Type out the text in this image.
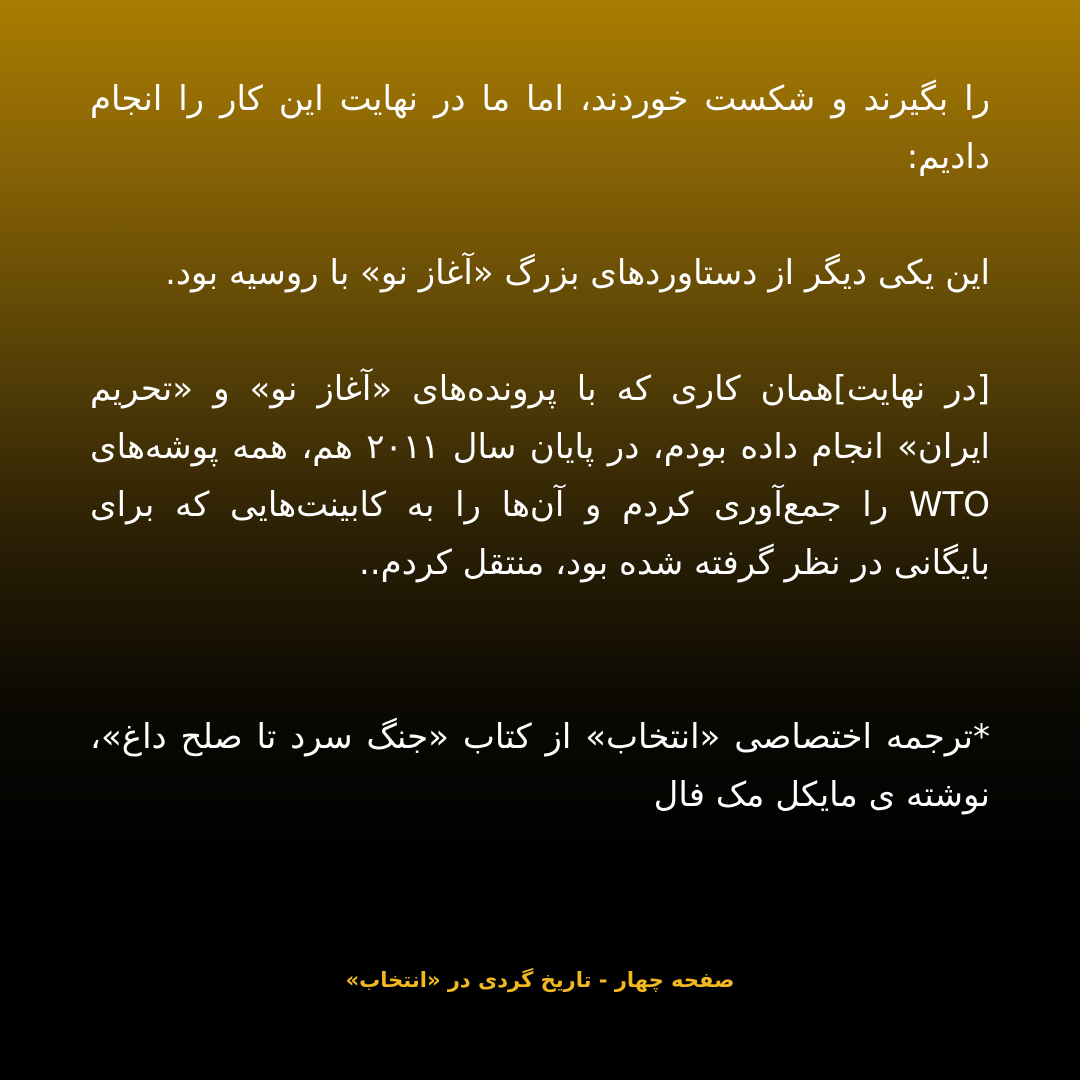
را بگیرند و شکست خوردند، اما ما در نهایت این کار را انجام دادیم:

این یکی دیگر از دستاوردهای بزرگ «آغاز نو» با روسیه بود.

[در نهایت]همان کاری که با پرونده‌های «آغاز نو» و «تحریم ایران» انجام داده بودم، در پایان سال ۲۰۱۱ هم، همه پوشه‌های WTO را جمع‌آوری کردم و آن‌ها را به کابینت‌هایی که برای بایگانی در نظر گرفته شده بود، منتقل کردم..

*ترجمه اختصاصی «انتخاب» از کتاب «جنگ سرد تا صلح داغ»، نوشته ی مایکل مک فال

صفحه چهار - تاریخ گردی در «انتخاب»
